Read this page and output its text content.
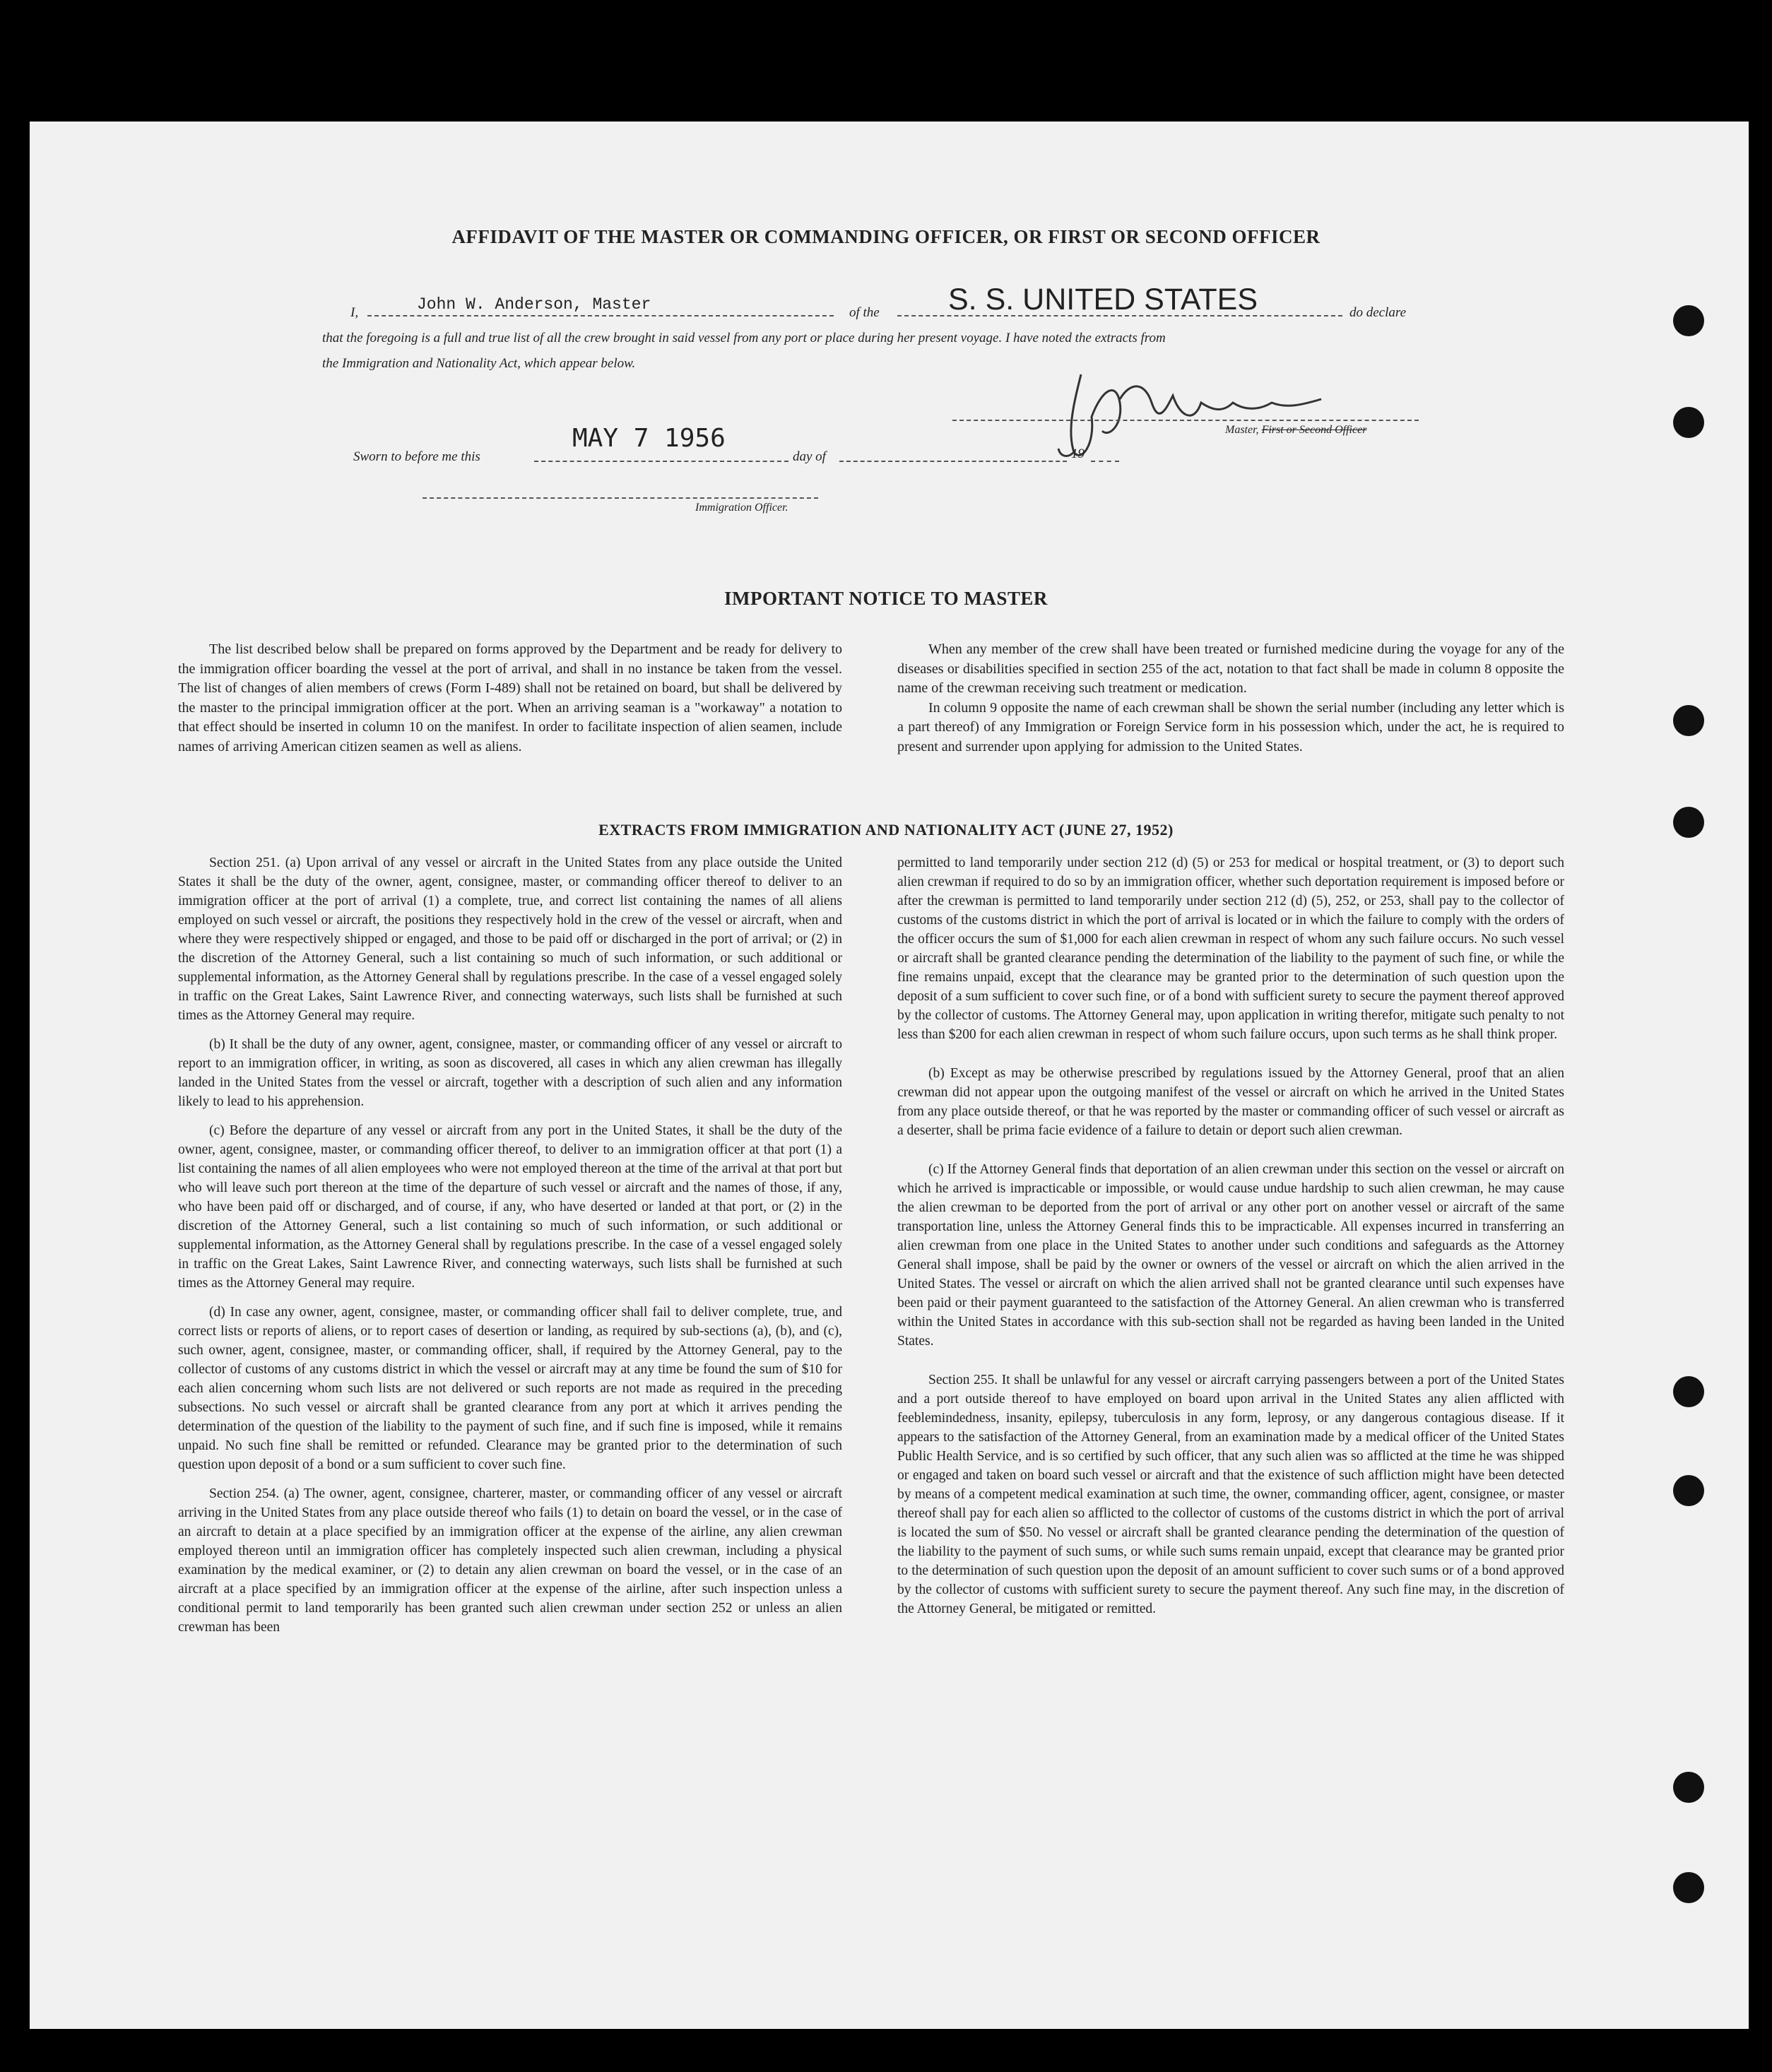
AFFIDAVIT OF THE MASTER OR COMMANDING OFFICER, OR FIRST OR SECOND OFFICER
I,	John W. Anderson, Master	of the S. S. UNITED STATES	do declare
that the foregoing is a full and true list of all the crew brought in said vessel from any port or place during her present voyage. I have noted the extracts from
the Immigration and Nationality Act, which appear below.
Master, First or Second Officer
Sworn to before me this
MAY 7 1956
day of	19
Immigration Officer.
IMPORTANT NOTICE TO MASTER

The list described below shall be prepared on forms approved by the Department and be ready for delivery to the immigration officer boarding the vessel at the port of arrival, and shall in no instance be taken from the vessel. The list of changes of alien members of crews (Form I-489) shall not be retained on board, but shall be delivered by the master to the principal immigration officer at the port. When an arriving seaman is a "workaway" a notation to that effect should be inserted in column 10 on the manifest. In order to facilitate inspection of alien seamen, include names of arriving American citizen seamen as well as aliens.

When any member of the crew shall have been treated or furnished medicine during the voyage for any of the diseases or disabilities specified in section 255 of the act, notation to that fact shall be made in column 8 opposite the name of the crewman receiving such treatment or medication.

In column 9 opposite the name of each crewman shall be shown the serial number (including any letter which is a part thereof) of any Immigration or Foreign Service form in his possession which, under the act, he is required to present and surrender upon applying for admission to the United States.

EXTRACTS FROM IMMIGRATION AND NATIONALITY ACT (JUNE 27, 1952)

Section 251. (a) Upon arrival of any vessel or aircraft in the United States from any place outside the United States it shall be the duty of the owner, agent, consignee, master, or commanding officer thereof to deliver to an immigration officer at the port of arrival (1) a complete, true, and correct list containing the names of all aliens employed on such vessel or aircraft, the positions they respectively hold in the crew of the vessel or aircraft, when and where they were respectively shipped or engaged, and those to be paid off or discharged in the port of arrival; or (2) in the discretion of the Attorney General, such a list containing so much of such information, or such additional or supplemental information, as the Attorney General shall by regulations prescribe. In the case of a vessel engaged solely in traffic on the Great Lakes, Saint Lawrence River, and connecting waterways, such lists shall be furnished at such times as the Attorney General may require.

(b) It shall be the duty of any owner, agent, consignee, master, or commanding officer of any vessel or aircraft to report to an immigration officer, in writing, as soon as discovered, all cases in which any alien crewman has illegally landed in the United States from the vessel or aircraft, together with a description of such alien and any information likely to lead to his apprehension.

(c) Before the departure of any vessel or aircraft from any port in the United States, it shall be the duty of the owner, agent, consignee, master, or commanding officer thereof, to deliver to an immigration officer at that port (1) a list containing the names of all alien employees who were not employed thereon at the time of the arrival at that port but who will leave such port thereon at the time of the departure of such vessel or aircraft and the names of those, if any, who have been paid off or discharged, and of course, if any, who have deserted or landed at that port, or (2) in the discretion of the Attorney General, such a list containing so much of such information, or such additional or supplemental information, as the Attorney General shall by regulations prescribe. In the case of a vessel engaged solely in traffic on the Great Lakes, Saint Lawrence River, and connecting waterways, such lists shall be furnished at such times as the Attorney General may require.

(d) In case any owner, agent, consignee, master, or commanding officer shall fail to deliver complete, true, and correct lists or reports of aliens, or to report cases of desertion or landing, as required by sub-sections (a), (b), and (c), such owner, agent, consignee, master, or commanding officer, shall, if required by the Attorney General, pay to the collector of customs of any customs district in which the vessel or aircraft may at any time be found the sum of $10 for each alien concerning whom such lists are not delivered or such reports are not made as required in the preceding subsections. No such vessel or aircraft shall be granted clearance from any port at which it arrives pending the determination of the question of the liability to the payment of such fine, and if such fine is imposed, while it remains unpaid. No such fine shall be remitted or refunded. Clearance may be granted prior to the determination of such question upon deposit of a bond or a sum sufficient to cover such fine.

Section 254. (a) The owner, agent, consignee, charterer, master, or commanding officer of any vessel or aircraft arriving in the United States from any place outside thereof who fails (1) to detain on board the vessel, or in the case of an aircraft to detain at a place specified by an immigration officer at the expense of the airline, any alien crewman employed thereon until an immigration officer has completely inspected such alien crewman, including a physical examination by the medical examiner, or (2) to detain any alien crewman on board the vessel, or in the case of an aircraft at a place specified by an immigration officer at the expense of the airline, after such inspection unless a conditional permit to land temporarily has been granted such alien crewman under section 252 or unless an alien crewman has been

permitted to land temporarily under section 212 (d) (5) or 253 for medical or hospital treatment, or (3) to deport such alien crewman if required to do so by an immigration officer, whether such deportation requirement is imposed before or after the crewman is permitted to land temporarily under section 212 (d) (5), 252, or 253, shall pay to the collector of customs of the customs district in which the port of arrival is located or in which the failure to comply with the orders of the officer occurs the sum of $1,000 for each alien crewman in respect of whom any such failure occurs. No such vessel or aircraft shall be granted clearance pending the determination of the liability to the payment of such fine, or while the fine remains unpaid, except that the clearance may be granted prior to the determination of such question upon the deposit of a sum sufficient to cover such fine, or of a bond with sufficient surety to secure the payment thereof approved by the collector of customs. The Attorney General may, upon application in writing therefor, mitigate such penalty to not less than $200 for each alien crewman in respect of whom such failure occurs, upon such terms as he shall think proper.

(b) Except as may be otherwise prescribed by regulations issued by the Attorney General, proof that an alien crewman did not appear upon the outgoing manifest of the vessel or aircraft on which he arrived in the United States from any place outside thereof, or that he was reported by the master or commanding officer of such vessel or aircraft as a deserter, shall be prima facie evidence of a failure to detain or deport such alien crewman.

(c) If the Attorney General finds that deportation of an alien crewman under this section on the vessel or aircraft on which he arrived is impracticable or impossible, or would cause undue hardship to such alien crewman, he may cause the alien crewman to be deported from the port of arrival or any other port on another vessel or aircraft of the same transportation line, unless the Attorney General finds this to be impracticable. All expenses incurred in transferring an alien crewman from one place in the United States to another under such conditions and safeguards as the Attorney General shall impose, shall be paid by the owner or owners of the vessel or aircraft on which the alien arrived in the United States. The vessel or aircraft on which the alien arrived shall not be granted clearance until such expenses have been paid or their payment guaranteed to the satisfaction of the Attorney General. An alien crewman who is transferred within the United States in accordance with this sub-section shall not be regarded as having been landed in the United States.

Section 255. It shall be unlawful for any vessel or aircraft carrying passengers between a port of the United States and a port outside thereof to have employed on board upon arrival in the United States any alien afflicted with feeblemindedness, insanity, epilepsy, tuberculosis in any form, leprosy, or any dangerous contagious disease. If it appears to the satisfaction of the Attorney General, from an examination made by a medical officer of the United States Public Health Service, and is so certified by such officer, that any such alien was so afflicted at the time he was shipped or engaged and taken on board such vessel or aircraft and that the existence of such affliction might have been detected by means of a competent medical examination at such time, the owner, commanding officer, agent, consignee, or master thereof shall pay for each alien so afflicted to the collector of customs of the customs district in which the port of arrival is located the sum of $50. No vessel or aircraft shall be granted clearance pending the determination of the question of the liability to the payment of such sums, or while such sums remain unpaid, except that clearance may be granted prior to the determination of such question upon the deposit of an amount sufficient to cover such sums or of a bond approved by the collector of customs with sufficient surety to secure the payment thereof. Any such fine may, in the discretion of the Attorney General, be mitigated or remitted.
